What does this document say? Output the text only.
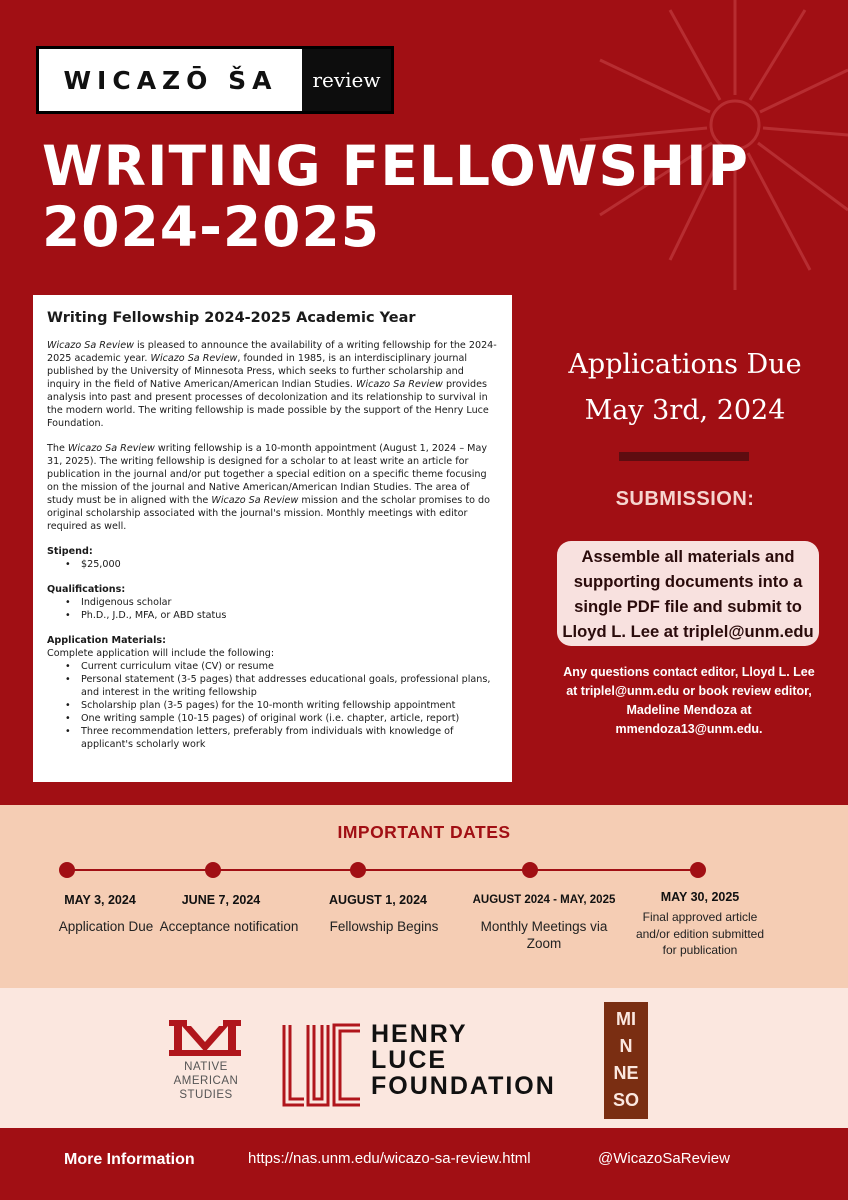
WICAZŌ ŠA	review
WRITING FELLOWSHIP
2024-2025
Writing Fellowship 2024-2025 Academic Year

Wicazo Sa Review is pleased to announce the availability of a writing fellowship for the 2024-2025 academic year. Wicazo Sa Review, founded in 1985, is an interdisciplinary journal published by the University of Minnesota Press, which seeks to further scholarship and inquiry in the field of Native American/American Indian Studies. Wicazo Sa Review provides analysis into past and present processes of decolonization and its relationship to survival in the modern world. The writing fellowship is made possible by the support of the Henry Luce Foundation.

The Wicazo Sa Review writing fellowship is a 10-month appointment (August 1, 2024 – May 31, 2025). The writing fellowship is designed for a scholar to at least write an article for publication in the journal and/or put together a special edition on a specific theme focusing on the mission of the journal and Native American/American Indian Studies. The area of study must be in aligned with the Wicazo Sa Review mission and the scholar promises to do original scholarship associated with the journal's mission. Monthly meetings with editor required as well.

Stipend:
• $25,000
Qualifications:
• Indigenous scholar
• Ph.D., J.D., MFA, or ABD status
Application Materials:
Complete application will include the following:
• Current curriculum vitae (CV) or resume
• Personal statement (3-5 pages) that addresses educational goals, professional plans, and interest in the writing fellowship
• Scholarship plan (3-5 pages) for the 10-month writing fellowship appointment
• One writing sample (10-15 pages) of original work (i.e. chapter, article, report)
• Three recommendation letters, preferably from individuals with knowledge of applicant's scholarly work
Applications Due
May 3rd, 2024
SUBMISSION:
Assemble all materials and supporting documents into a single PDF file and submit to Lloyd L. Lee at triplel@unm.edu
Any questions contact editor, Lloyd L. Lee at triplel@unm.edu or book review editor, Madeline Mendoza at mmendoza13@unm.edu.
IMPORTANT DATES
MAY 3, 2024
Application Due
JUNE 7, 2024
Acceptance notification
AUGUST 1, 2024
Fellowship Begins
AUGUST 2024 - MAY, 2025
Monthly Meetings via Zoom
MAY 30, 2025
Final approved article and/or edition submitted for publication
NATIVE AMERICAN STUDIES
HENRY
LUCE
FOUNDATION
MI
N
NE
SO
More Information	https://nas.unm.edu/wicazo-sa-review.html	@WicazoSaReview
